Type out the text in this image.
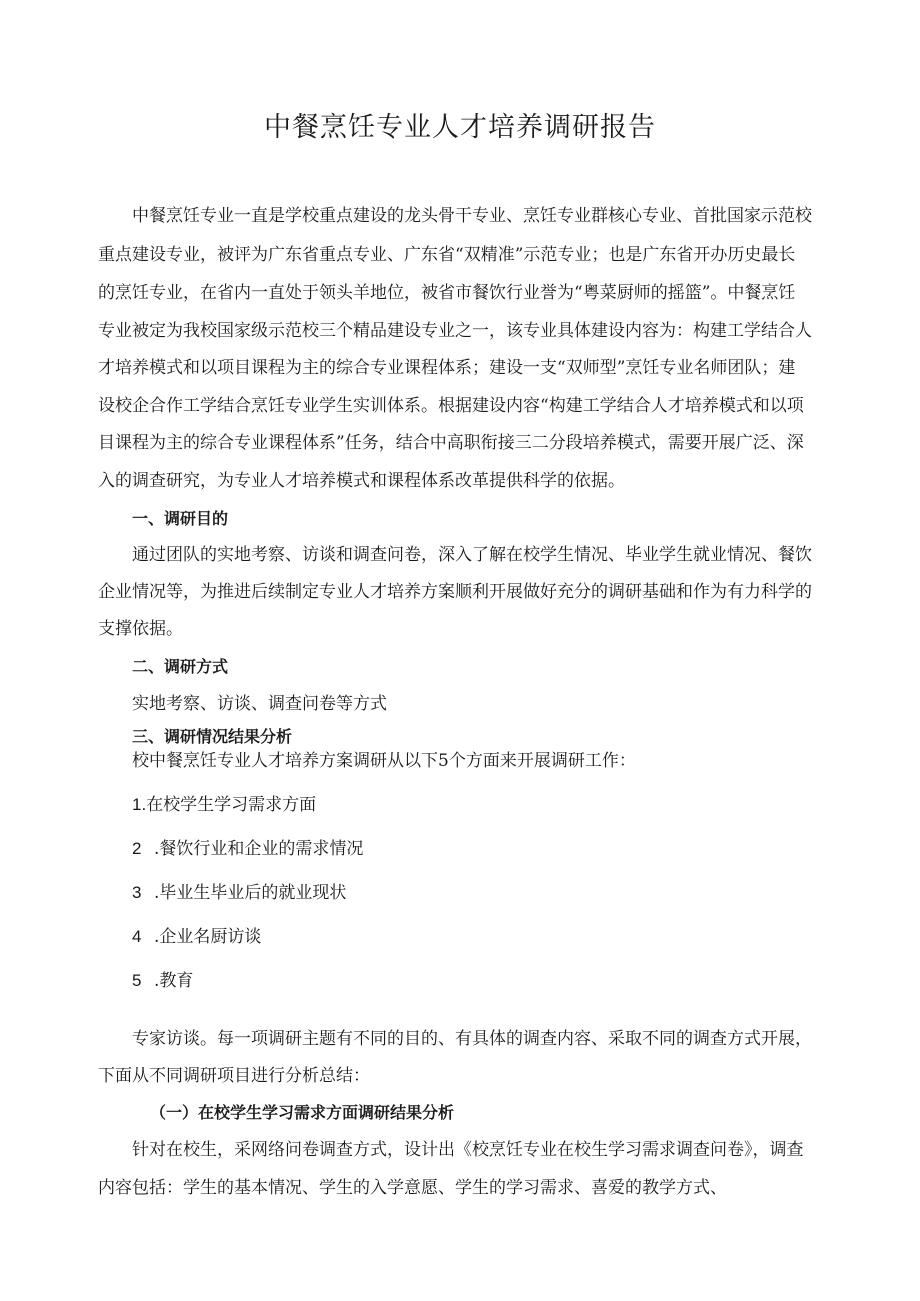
中餐烹饪专业人才培养调研报告

中餐烹饪专业一直是学校重点建设的龙头骨干专业、烹饪专业群核心专业、首批国家示范校

重点建设专业，被评为广东省重点专业、广东省“双精准”示范专业；也是广东省开办历史最长

的烹饪专业，在省内一直处于领头羊地位，被省市餐饮行业誉为“粤菜厨师的摇篮”。中餐烹饪

专业被定为我校国家级示范校三个精品建设专业之一，该专业具体建设内容为：构建工学结合人

才培养模式和以项目课程为主的综合专业课程体系；建设一支“双师型”烹饪专业名师团队；建

设校企合作工学结合烹饪专业学生实训体系。根据建设内容“构建工学结合人才培养模式和以项

目课程为主的综合专业课程体系”任务，结合中高职衔接三二分段培养模式，需要开展广泛、深

入的调查研究，为专业人才培养模式和课程体系改革提供科学的依据。

一、调研目的

通过团队的实地考察、访谈和调查问卷，深入了解在校学生情况、毕业学生就业情况、餐饮

企业情况等，为推进后续制定专业人才培养方案顺利开展做好充分的调研基础和作为有力科学的

支撑依据。

二、调研方式

实地考察、访谈、调查问卷等方式

三、调研情况结果分析

校中餐烹饪专业人才培养方案调研从以下5个方面来开展调研工作：

1.在校学生学习需求方面

2 .餐饮行业和企业的需求情况

3 .毕业生毕业后的就业现状

4 .企业名厨访谈

5 .教育

专家访谈。每一项调研主题有不同的目的、有具体的调查内容、采取不同的调查方式开展，

下面从不同调研项目进行分析总结：

（一）在校学生学习需求方面调研结果分析

针对在校生，采网络问卷调查方式，设计出《校烹饪专业在校生学习需求调查问卷》，调查

内容包括：学生的基本情况、学生的入学意愿、学生的学习需求、喜爱的教学方式、
